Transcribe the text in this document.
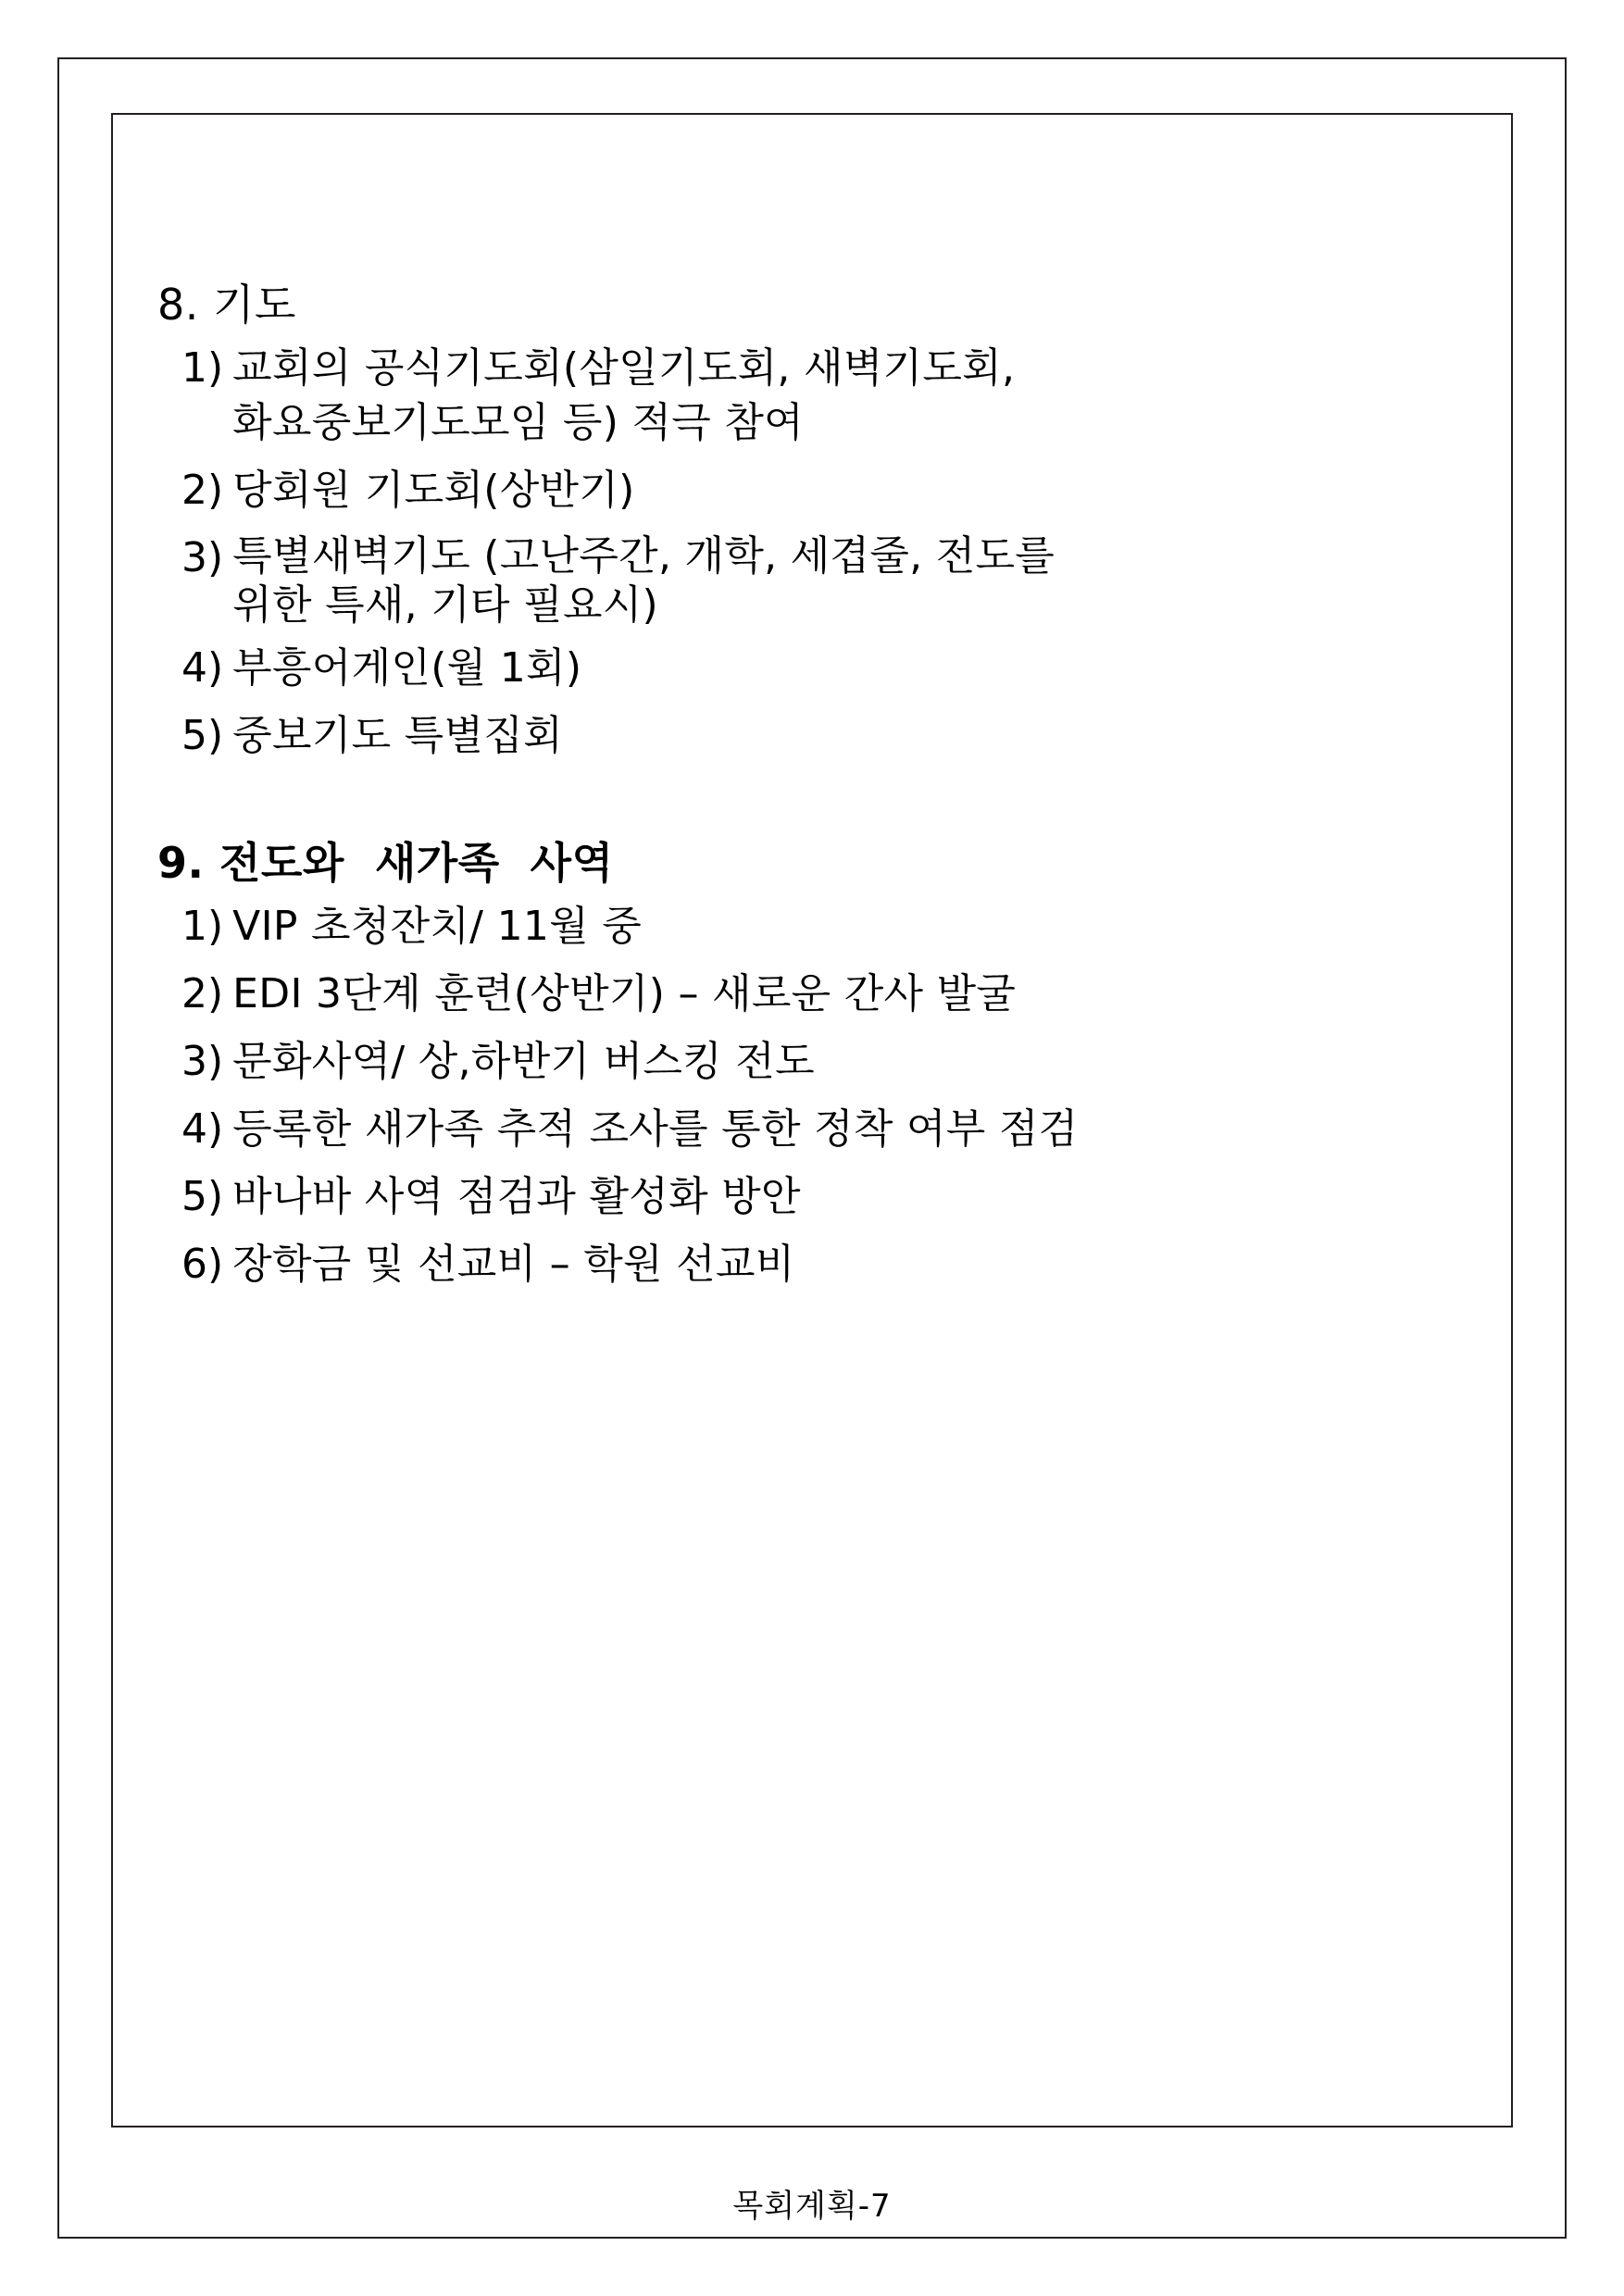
8. 기도
1) 교회의 공식기도회(삼일기도회, 새벽기도회,
화요중보기도모임 등) 적극 참여
2) 당회원 기도회(상반기)
3) 특별새벽기도 (고난주간, 개학, 세겹줄, 전도를
위한 특새, 기타 필요시)
4) 부흥어게인(월 1회)
5) 중보기도 특별집회
9. 전도와  새가족  사역
1) VIP 초청잔치/ 11월 중
2) EDI 3단계 훈련(상반기) – 새로운 간사 발굴
3) 문화사역/ 상,하반기 버스킹 전도
4) 등록한 새가족 추적 조사를 통한 정착 여부 점검
5) 바나바 사역 점검과 활성화 방안
6) 장학금 및 선교비 – 학원 선교비
목회계획-7
